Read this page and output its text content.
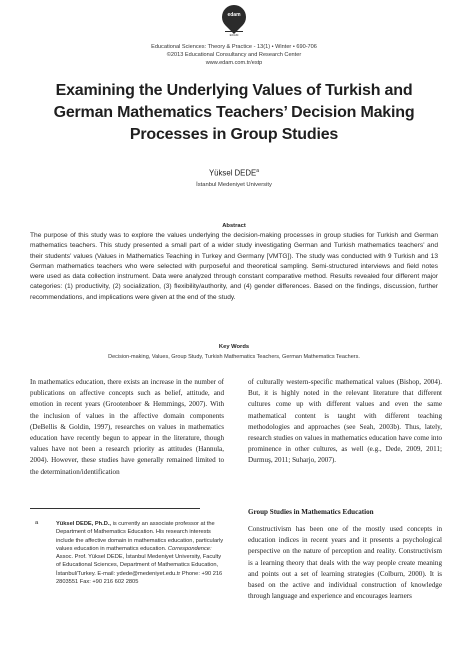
edam
EDAM
Educational Sciences: Theory & Practice - 13(1) • Winter • 690-706
©2013 Educational Consultancy and Research Center
www.edam.com.tr/estp
Examining the Underlying Values of Turkish and German Mathematics Teachers’ Decision Making Processes in Group Studies
Yüksel DEDE$^a$
İstanbul Medeniyet University
Abstract
The purpose of this study was to explore the values underlying the decision-making processes in group studies for Turkish and German mathematics teachers. This study presented a small part of a wider study investigating German and Turkish mathematics teachers’ and their students’ values (Values in Mathematics Teaching in Turkey and Germany [VMTG]). The study was conducted with 9 Turkish and 13 German mathematics teachers who were selected with purposeful and theoretical sampling. Semi-structured interviews and field notes were used as data collection instrument. Data were analyzed through constant comparative method. Results revealed four different major categories: (1) productivity, (2) socialization, (3) flexibility/authority, and (4) gender differences. Based on the findings, discussion, further recommendations, and implications were given at the end of the study.
Key Words
Decision-making, Values, Group Study, Turkish Mathematics Teachers, German Mathematics Teachers.
In mathematics education, there exists an increase in the number of publications on affective concepts such as belief, attitude, and emotion in recent years (Grootenboer & Hemmings, 2007). With the inclusion of values in the affective domain components (DeBellis & Goldin, 1997), researches on values in mathematics education have recently begun to appear in the literature, though values have not been a research priority as attitudes (Hannula, 2004). However, these studies have generally remained limited to the determination/identification
of culturally western-specific mathematical values (Bishop, 2004). But, it is highly noted in the relevant literature that different cultures come up with different values and even the same mathematical content is taught with different teaching methodologies and approaches (see Seah, 2003b). Thus, lately, research studies on values in mathematics education have come into prominence in other cultures, as well (e.g., Dede, 2009, 2011; Durmuş, 2011; Suharjo, 2007).
Group Studies in Mathematics Education
Constructivism has been one of the mostly used concepts in education indices in recent years and it presents a psychological perspective on the nature of perception and reality. Constructivism is a learning theory that deals with the way people create meaning and points out a set of learning strategies (Colburn, 2000). It is based on the active and individual construction of knowledge through language and experience and encourages learners
a	Yüksel DEDE, Ph.D., is currently an associate professor at the Department of Mathematics Education. His research interests include the affective domain in mathematics education, particularly values education in mathematics education. Correspondence: Assoc. Prof. Yüksel DEDE, İstanbul Medeniyet University, Faculty of Educational Sciences, Department of Mathematics Education, İstanbul/Turkey. E-mail: ydede@medeniyet.edu.tr Phone: +90 216 2803551 Fax: +90 216 602 2805
